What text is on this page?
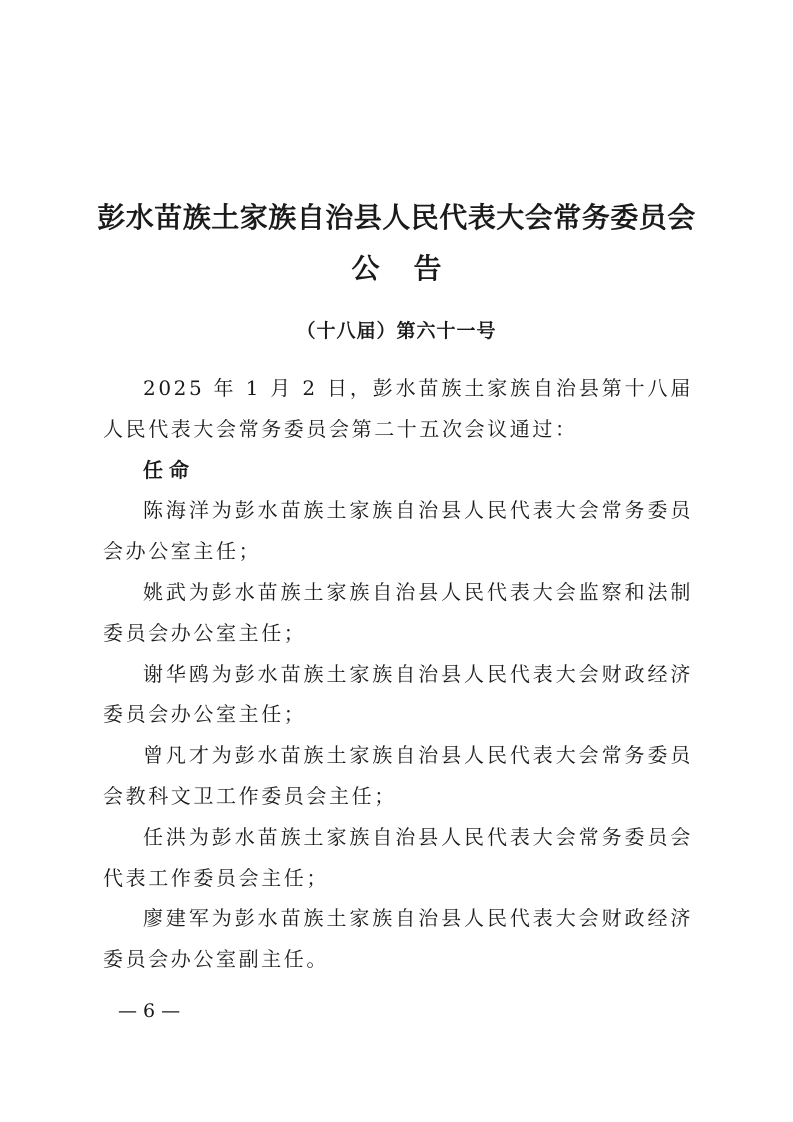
彭水苗族土家族自治县人民代表大会常务委员会
公告
（十八届）第六十一号

2025 年 1 月 2 日，彭水苗族土家族自治县第十八届人民代表大会常务委员会第二十五次会议通过：

任命

陈海洋为彭水苗族土家族自治县人民代表大会常务委员会办公室主任；

姚武为彭水苗族土家族自治县人民代表大会监察和法制委员会办公室主任；

谢华鸥为彭水苗族土家族自治县人民代表大会财政经济委员会办公室主任；

曾凡才为彭水苗族土家族自治县人民代表大会常务委员会教科文卫工作委员会主任；

任洪为彭水苗族土家族自治县人民代表大会常务委员会代表工作委员会主任；

廖建军为彭水苗族土家族自治县人民代表大会财政经济委员会办公室副主任。

— 6 —
